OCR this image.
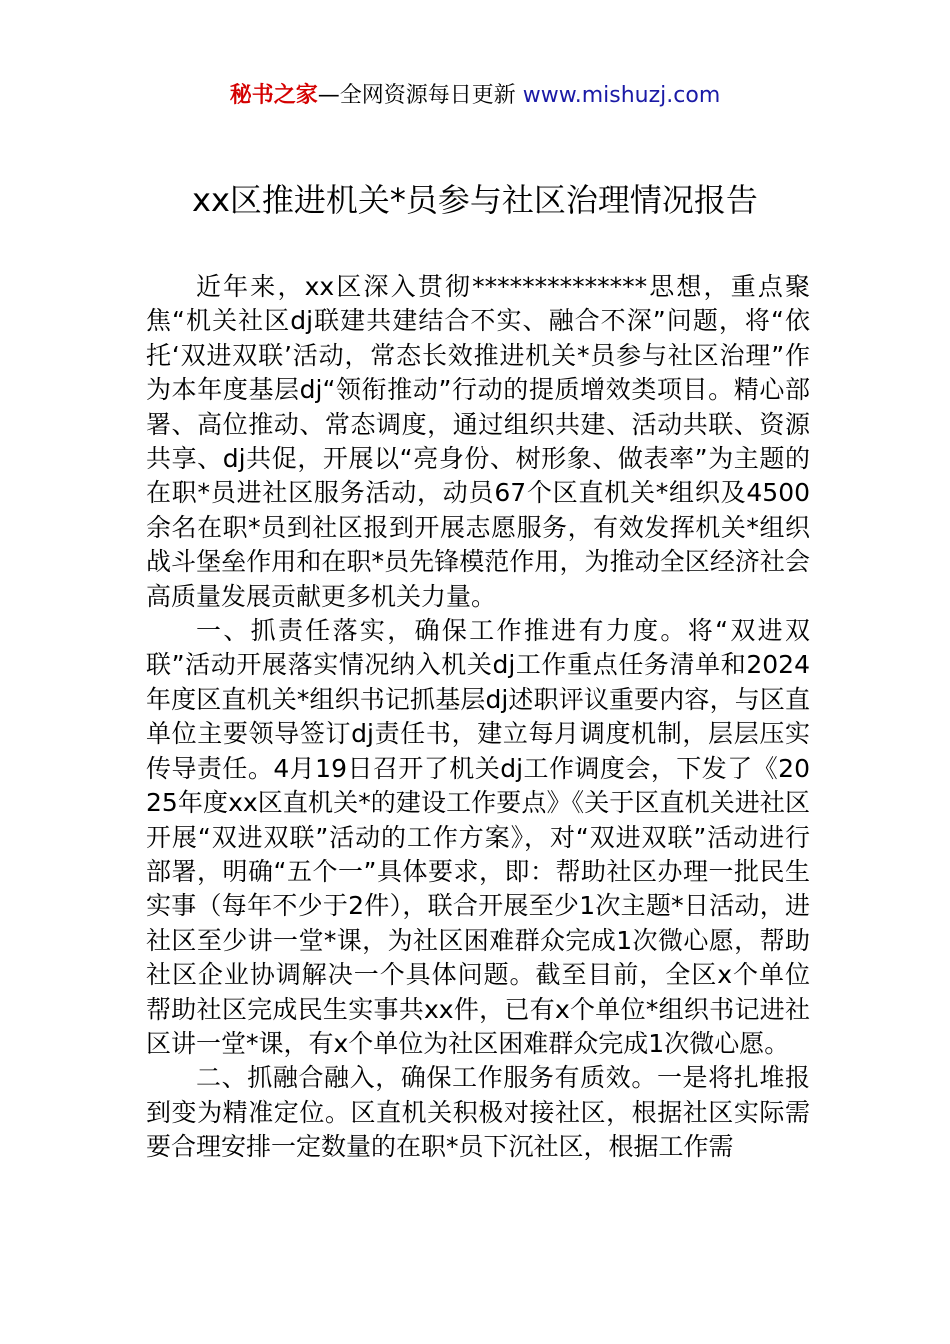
秘书之家—全网资源每日更新 www.mishuzj.com
xx区推进机关*员参与社区治理情况报告

近年来，xx区深入贯彻**************思想，重点聚焦“机关社区dj联建共建结合不实、融合不深”问题，将“依托‘双进双联’活动，常态长效推进机关*员参与社区治理”作为本年度基层dj“领衔推动”行动的提质增效类项目。精心部署、高位推动、常态调度，通过组织共建、活动共联、资源共享、dj共促，开展以“亮身份、树形象、做表率”为主题的在职*员进社区服务活动，动员67个区直机关*组织及4500余名在职*员到社区报到开展志愿服务，有效发挥机关*组织战斗堡垒作用和在职*员先锋模范作用，为推动全区经济社会高质量发展贡献更多机关力量。

一、抓责任落实，确保工作推进有力度。将“双进双联”活动开展落实情况纳入机关dj工作重点任务清单和2024年度区直机关*组织书记抓基层dj述职评议重要内容，与区直单位主要领导签订dj责任书，建立每月调度机制，层层压实传导责任。4月19日召开了机关dj工作调度会，下发了《2025年度xx区直机关*的建设工作要点》《关于区直机关进社区开展“双进双联”活动的工作方案》，对“双进双联”活动进行部署，明确“五个一”具体要求，即：帮助社区办理一批民生实事（每年不少于2件），联合开展至少1次主题*日活动，进社区至少讲一堂*课，为社区困难群众完成1次微心愿，帮助社区企业协调解决一个具体问题。截至目前，全区x个单位帮助社区完成民生实事共xx件，已有x个单位*组织书记进社区讲一堂*课，有x个单位为社区困难群众完成1次微心愿。

二、抓融合融入，确保工作服务有质效。一是将扎堆报到变为精准定位。区直机关积极对接社区，根据社区实际需要合理安排一定数量的在职*员下沉社区，根据工作需
